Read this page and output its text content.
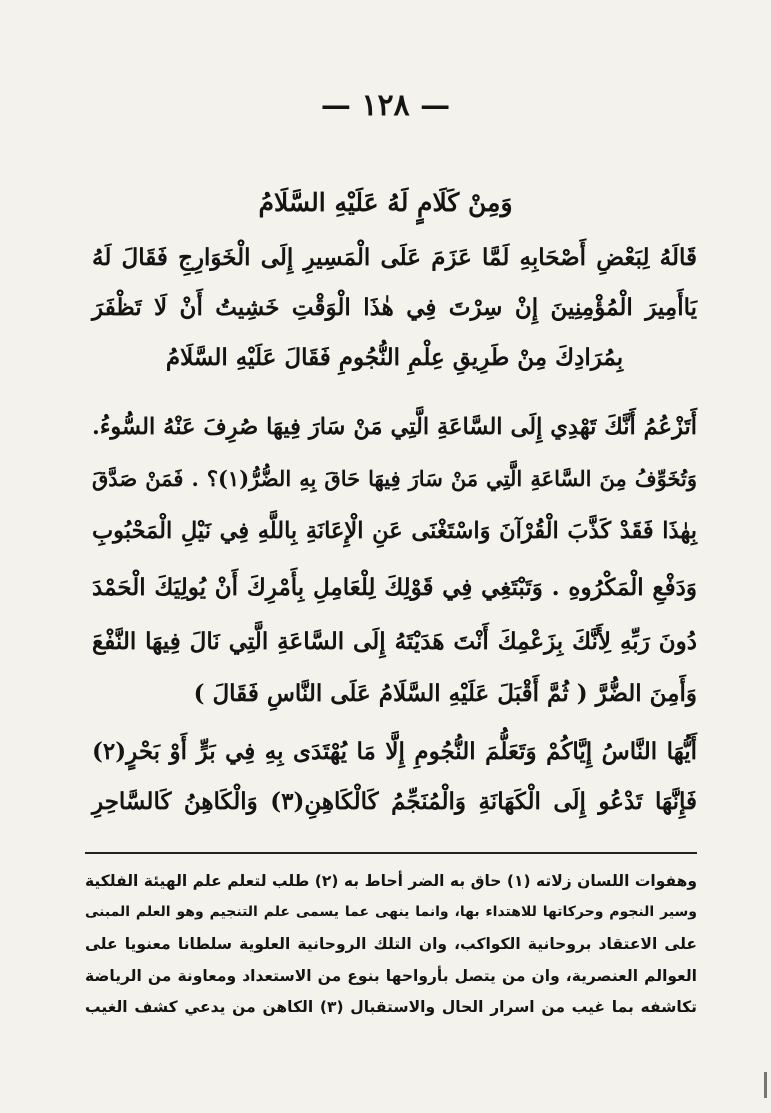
— ١٢٨ —
وَمِنْ كَلَامٍ لَهُ عَلَيْهِ السَّلَامُ
قَالَهُ لِبَعْضِ أَصْحَابِهِ لَمَّا عَزَمَ عَلَى الْمَسِيرِ إِلَى الْخَوَارِجِ فَقَالَ لَهُ
يَاأَمِيرَ الْمُؤْمِنِينَ إِنْ سِرْتَ فِي هٰذَا الْوَقْتِ خَشِيتُ أَنْ لَا تَظْفَرَ
بِمُرَادِكَ مِنْ طَرِيقِ عِلْمِ النُّجُومِ فَقَالَ عَلَيْهِ السَّلَامُ
أَتَزْعُمُ أَنَّكَ تَهْدِي إِلَى السَّاعَةِ الَّتِي مَنْ سَارَ فِيهَا صُرِفَ عَنْهُ السُّوءُ.
وَتُخَوِّفُ مِنَ السَّاعَةِ الَّتِي مَنْ سَارَ فِيهَا حَاقَ بِهِ الضُّرُّ(١)؟ . فَمَنْ صَدَّقَ
بِهٰذَا فَقَدْ كَذَّبَ الْقُرْآنَ وَاسْتَغْنَى عَنِ الْإِعَانَةِ بِاللَّهِ فِي نَيْلِ الْمَحْبُوبِ
وَدَفْعِ الْمَكْرُوهِ . وَتَبْتَغِي فِي قَوْلِكَ لِلْعَامِلِ بِأَمْرِكَ أَنْ يُولِيَكَ الْحَمْدَ
دُونَ رَبِّهِ لِأَنَّكَ بِزَعْمِكَ أَنْتَ هَدَيْتَهُ إِلَى السَّاعَةِ الَّتِي نَالَ فِيهَا النَّفْعَ
وَأَمِنَ الضُّرَّ ( ثُمَّ أَقْبَلَ عَلَيْهِ السَّلَامُ عَلَى النَّاسِ فَقَالَ )
أَيُّهَا النَّاسُ إِيَّاكُمْ وَتَعَلُّمَ النُّجُومِ إِلَّا مَا يُهْتَدَى بِهِ فِي بَرٍّ أَوْ بَحْرٍ(٢)
فَإِنَّهَا تَدْعُو إِلَى الْكَهَانَةِ وَالْمُنَجِّمُ كَالْكَاهِنِ(٣) وَالْكَاهِنُ كَالسَّاحِرِ
وهفوات اللسان زلاته (١) حاق به الضر أحاط به (٢) طلب لتعلم علم الهيئة الفلكية
وسير النجوم وحركاتها للاهتداء بها، وانما ينهى عما يسمى علم التنجيم وهو العلم المبنى
على الاعتقاد بروحانية الكواكب، وان التلك الروحانية العلوية سلطانا معنويا على
العوالم العنصرية، وان من يتصل بأرواحها بنوع من الاستعداد ومعاونة من الرياضة
تكاشفه بما غيب من اسرار الحال والاستقبال (٣) الكاهن من يدعي كشف الغيب
